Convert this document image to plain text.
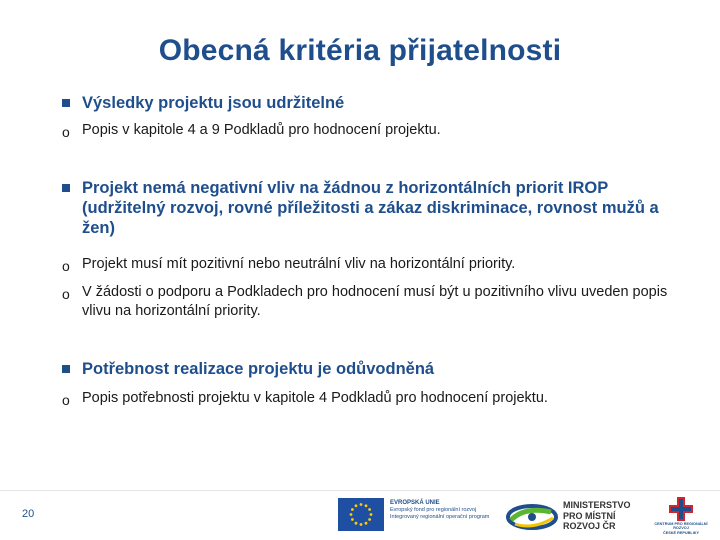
Obecná kritéria přijatelnosti
Výsledky projektu jsou udržitelné
o Popis v kapitole 4 a 9 Podkladů pro hodnocení projektu.
Projekt nemá negativní vliv na žádnou z horizontálních priorit IROP (udržitelný rozvoj, rovné příležitosti a zákaz diskriminace, rovnost mužů a žen)
o Projekt musí mít pozitivní nebo neutrální vliv na horizontální priority.
o V žádosti o podporu a Podkladech pro hodnocení musí být u pozitivního vlivu uveden popis vlivu na horizontální priority.
Potřebnost realizace projektu je odůvodněná
o Popis potřebnosti projektu v kapitole 4 Podkladů pro hodnocení projektu.
20
EVROPSKÁ UNIE
Evropský fond pro regionální rozvoj
Integrovaný regionální operační program
MINISTERSTVO
PRO MÍSTNÍ
ROZVOJ ČR	CENTRUM PRO REGIONÁLNÍ ROZVOJ
ČESKÉ REPUBLIKY
